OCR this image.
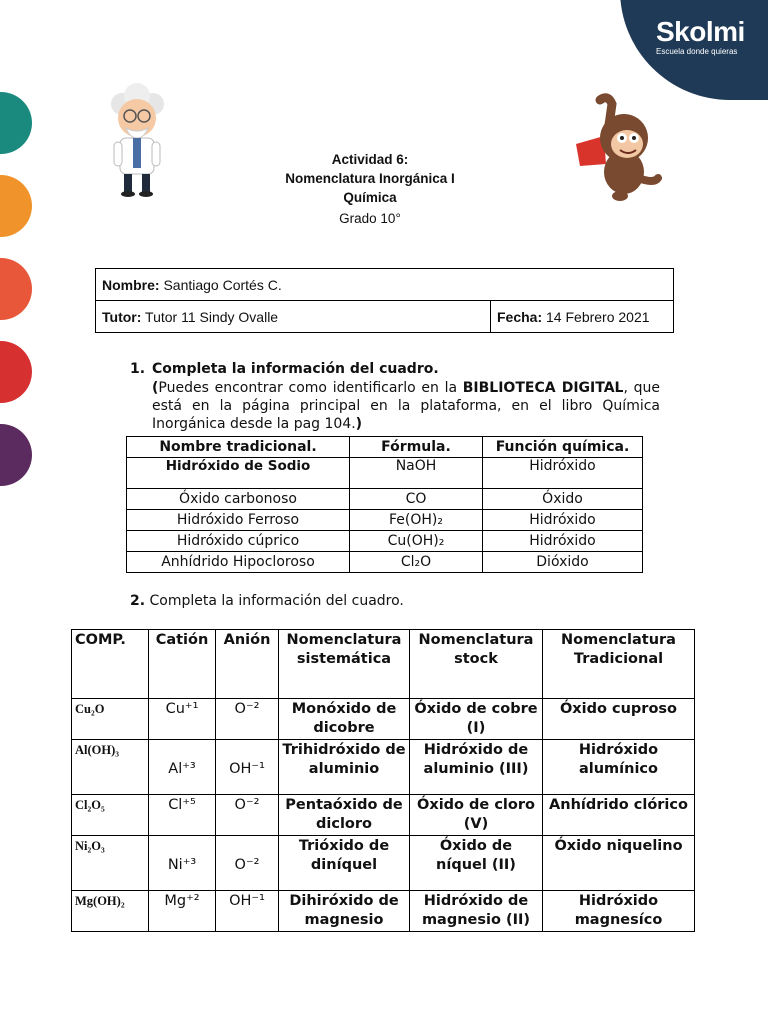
Skolmi
Escuela donde quieras
Actividad 6:
Nomenclatura Inorgánica I
Química
Grado 10°
Nombre: Santiago Cortés C.
Tutor: Tutor 11 Sindy Ovalle	Fecha: 14 Febrero 2021
1. Completa la información del cuadro.
(Puedes encontrar como identificarlo en la BIBLIOTECA DIGITAL, que está en la página principal en la plataforma, en el libro Química Inorgánica desde la pag 104.)
Nombre tradicional.	Fórmula.	Función química.
Hidróxido de Sodio	NaOH	Hidróxido
Óxido carbonoso	CO	Óxido
Hidróxido Ferroso	Fe(OH)₂	Hidróxido
Hidróxido cúprico	Cu(OH)₂	Hidróxido
Anhídrido Hipocloroso	Cl₂O	Dióxido
2. Completa la información del cuadro.
COMP.	Catión	Anión	Nomenclatura sistemática	Nomenclatura stock	Nomenclatura Tradicional
Cu₂O	Cu⁺¹	O⁻²	Monóxido de dicobre	Óxido de cobre (I)	Óxido cuproso
Al(OH)₃	Al⁺³	OH⁻¹	Trihidróxido de aluminio	Hidróxido de aluminio (III)	Hidróxido alumínico
Cl₂O₅	Cl⁺⁵	O⁻²	Pentaóxido de dicloro	Óxido de cloro (V)	Anhídrido clórico
Ni₂O₃	Ni⁺³	O⁻²	Trióxido de diníquel	Óxido de níquel (II)	Óxido niquelino
Mg(OH)₂	Mg⁺²	OH⁻¹	Dihiróxido de magnesio	Hidróxido de magnesio (II)	Hidróxido magnesíco
